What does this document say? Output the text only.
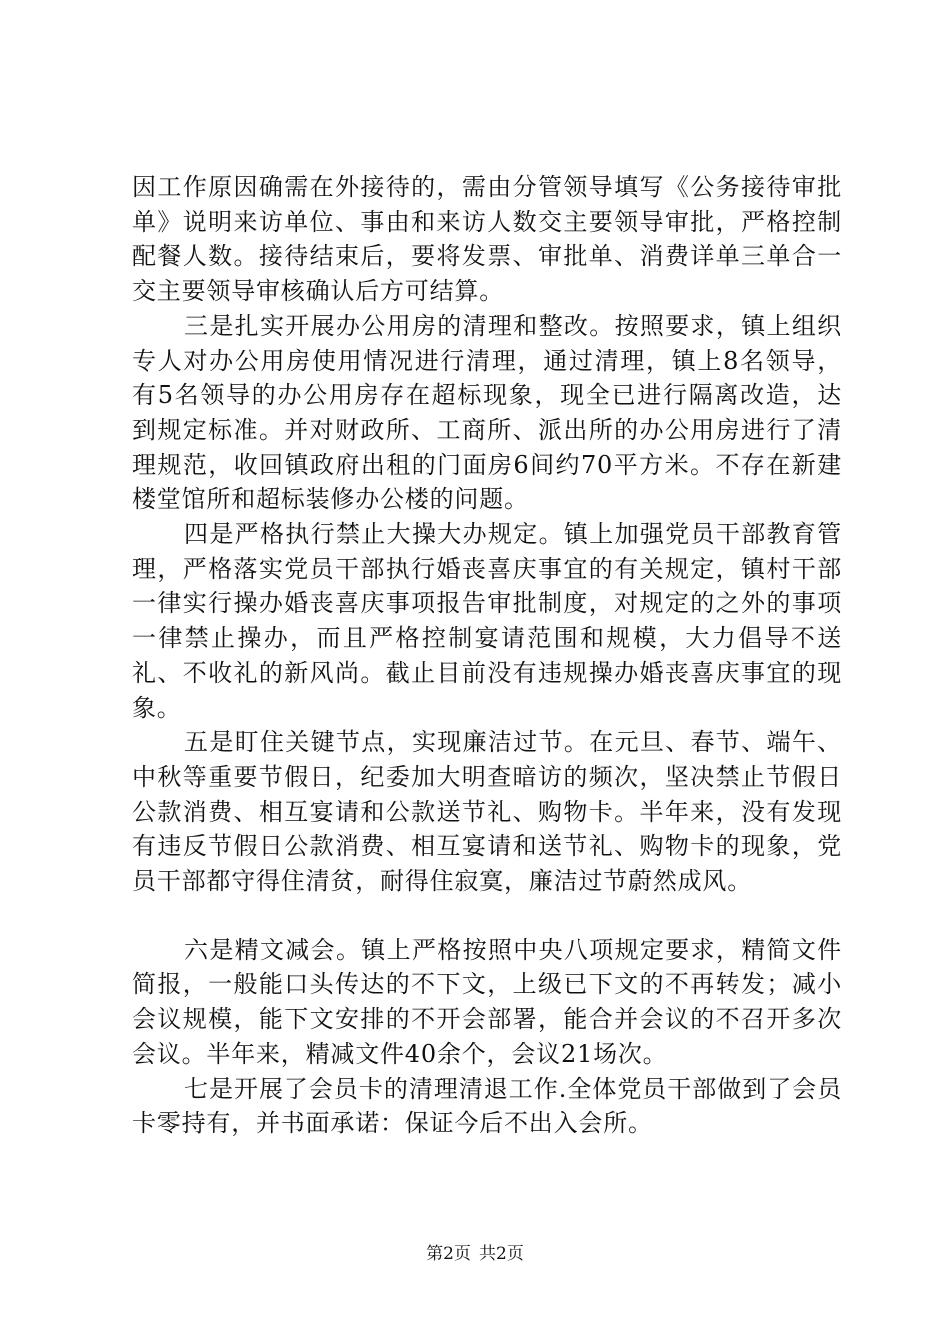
因工作原因确需在外接待的，需由分管领导填写《公务接待审批单》说明来访单位、事由和来访人数交主要领导审批，严格控制配餐人数。接待结束后，要将发票、审批单、消费详单三单合一交主要领导审核确认后方可结算。

三是扎实开展办公用房的清理和整改。按照要求，镇上组织专人对办公用房使用情况进行清理，通过清理，镇上8名领导，有5名领导的办公用房存在超标现象，现全已进行隔离改造，达到规定标准。并对财政所、工商所、派出所的办公用房进行了清理规范，收回镇政府出租的门面房6间约70平方米。不存在新建楼堂馆所和超标装修办公楼的问题。

四是严格执行禁止大操大办规定。镇上加强党员干部教育管理，严格落实党员干部执行婚丧喜庆事宜的有关规定，镇村干部一律实行操办婚丧喜庆事项报告审批制度，对规定的之外的事项一律禁止操办，而且严格控制宴请范围和规模，大力倡导不送礼、不收礼的新风尚。截止目前没有违规操办婚丧喜庆事宜的现象。

五是盯住关键节点，实现廉洁过节。在元旦、春节、端午、中秋等重要节假日，纪委加大明查暗访的频次，坚决禁止节假日公款消费、相互宴请和公款送节礼、购物卡。半年来，没有发现有违反节假日公款消费、相互宴请和送节礼、购物卡的现象，党员干部都守得住清贫，耐得住寂寞，廉洁过节蔚然成风。

六是精文减会。镇上严格按照中央八项规定要求，精简文件简报，一般能口头传达的不下文，上级已下文的不再转发；减小会议规模，能下文安排的不开会部署，能合并会议的不召开多次会议。半年来，精减文件40余个，会议21场次。

七是开展了会员卡的清理清退工作.全体党员干部做到了会员卡零持有，并书面承诺：保证今后不出入会所。

第2页 共2页
